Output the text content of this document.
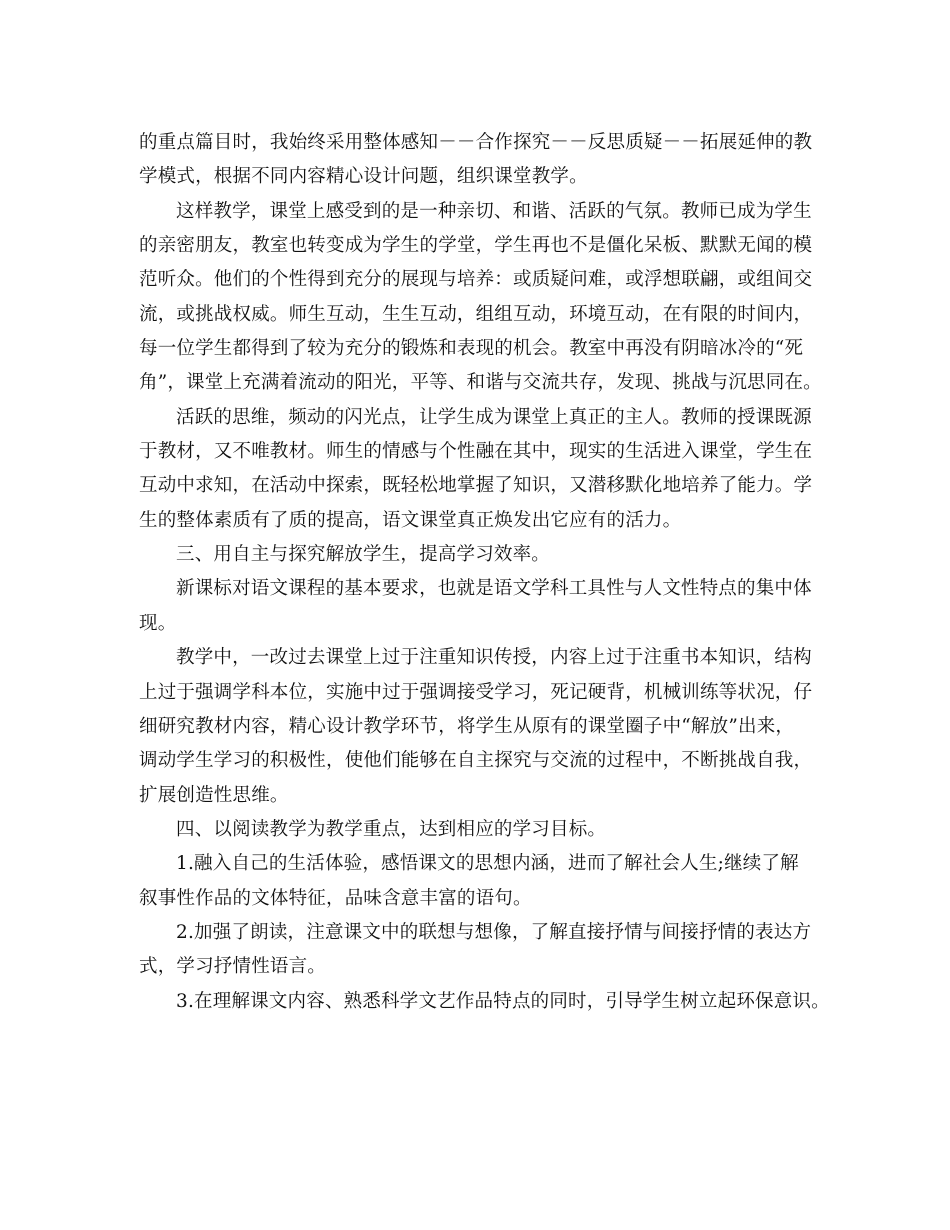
的重点篇目时，我始终采用整体感知－－合作探究－－反思质疑－－拓展延伸的教
学模式，根据不同内容精心设计问题，组织课堂教学。
这样教学，课堂上感受到的是一种亲切、和谐、活跃的气氛。教师已成为学生
的亲密朋友，教室也转变成为学生的学堂，学生再也不是僵化呆板、默默无闻的模
范听众。他们的个性得到充分的展现与培养：或质疑问难，或浮想联翩，或组间交
流，或挑战权威。师生互动，生生互动，组组互动，环境互动，在有限的时间内，
每一位学生都得到了较为充分的锻炼和表现的机会。教室中再没有阴暗冰冷的“死
角”，课堂上充满着流动的阳光，平等、和谐与交流共存，发现、挑战与沉思同在。
活跃的思维，频动的闪光点，让学生成为课堂上真正的主人。教师的授课既源
于教材，又不唯教材。师生的情感与个性融在其中，现实的生活进入课堂，学生在
互动中求知，在活动中探索，既轻松地掌握了知识，又潜移默化地培养了能力。学
生的整体素质有了质的提高，语文课堂真正焕发出它应有的活力。
三、用自主与探究解放学生，提高学习效率。
新课标对语文课程的基本要求，也就是语文学科工具性与人文性特点的集中体
现。
教学中，一改过去课堂上过于注重知识传授，内容上过于注重书本知识，结构
上过于强调学科本位，实施中过于强调接受学习，死记硬背，机械训练等状况，仔
细研究教材内容，精心设计教学环节，将学生从原有的课堂圈子中“解放”出来，
调动学生学习的积极性，使他们能够在自主探究与交流的过程中，不断挑战自我，
扩展创造性思维。
四、以阅读教学为教学重点，达到相应的学习目标。
1.融入自己的生活体验，感悟课文的思想内涵，进而了解社会人生;继续了解
叙事性作品的文体特征，品味含意丰富的语句。
2.加强了朗读，注意课文中的联想与想像，了解直接抒情与间接抒情的表达方
式，学习抒情性语言。
3.在理解课文内容、熟悉科学文艺作品特点的同时，引导学生树立起环保意识。
